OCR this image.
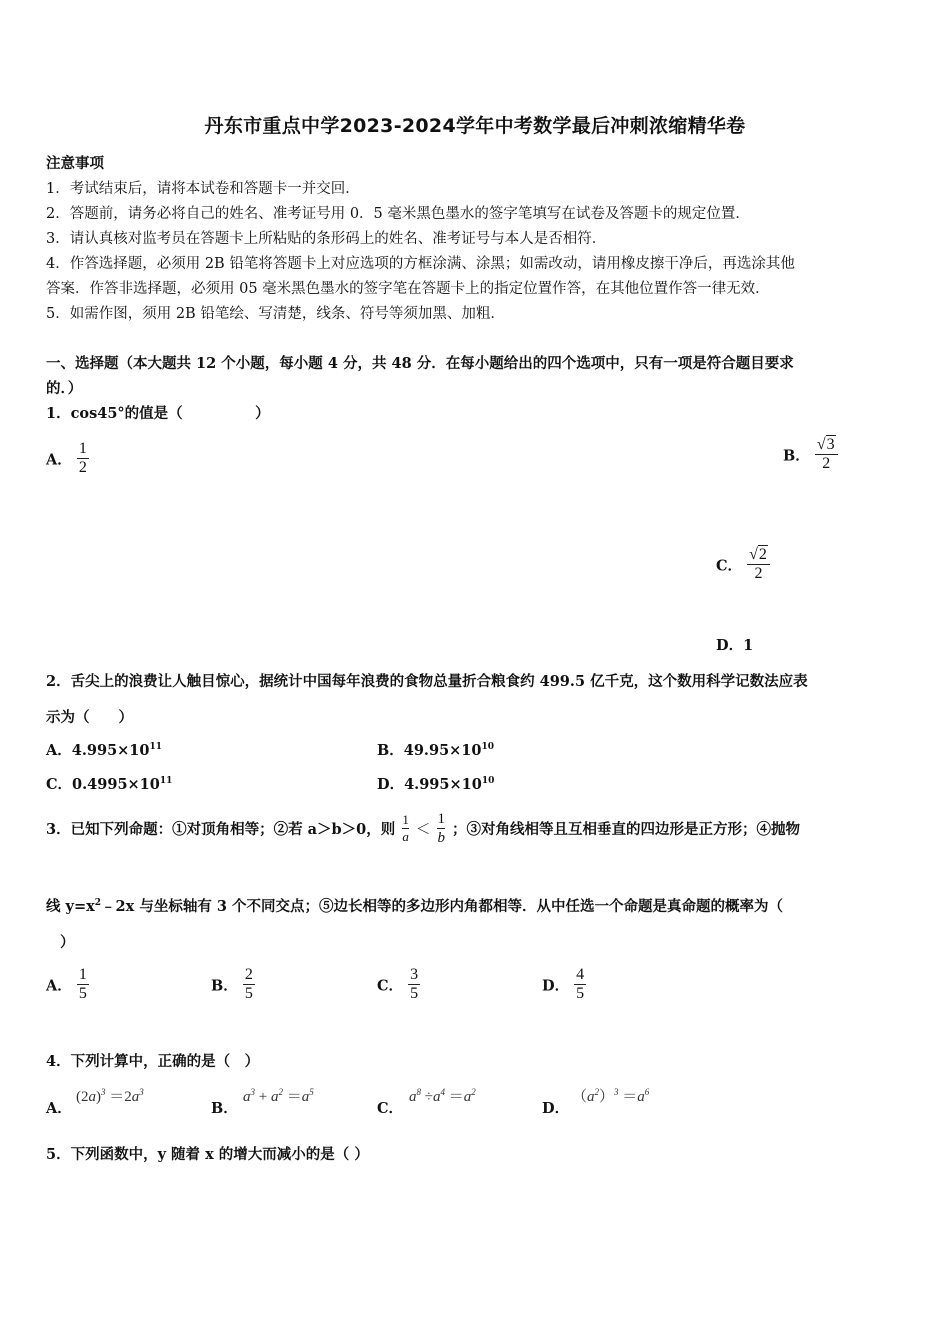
丹东市重点中学2023-2024学年中考数学最后冲刺浓缩精华卷
注意事项
1．考试结束后，请将本试卷和答题卡一并交回．
2．答题前，请务必将自己的姓名、准考证号用 0．5 毫米黑色墨水的签字笔填写在试卷及答题卡的规定位置．
3．请认真核对监考员在答题卡上所粘贴的条形码上的姓名、准考证号与本人是否相符．
4．作答选择题，必须用 2B 铅笔将答题卡上对应选项的方框涂满、涂黑；如需改动，请用橡皮擦干净后，再选涂其他
答案．作答非选择题，必须用 05 毫米黑色墨水的签字笔在答题卡上的指定位置作答，在其他位置作答一律无效．
5．如需作图，须用 2B 铅笔绘、写清楚，线条、符号等须加黑、加粗．
一、选择题（本大题共 12 个小题，每小题 4 分，共 48 分．在每小题给出的四个选项中，只有一项是符合题目要求
的．）
1．cos45°的值是（　　　　　）
A． $\frac{1}{2}$	B． $\frac{√3}{2}$
C． $\frac{√2}{2}$
D．1
2．舌尖上的浪费让人触目惊心，据统计中国每年浪费的食物总量折合粮食约 499.5 亿千克，这个数用科学记数法应表
示为（　　）
A．$4.995\times 10^{11}$	B．$49.95\times 10^{10}$
C．$0.4995\times 10^{11}$	D．$4.995\times 10^{10}$
3．已知下列命题：①对顶角相等；②若 a＞b＞0，则 $\frac{1}{a} < \frac{1}{b}$ ；③对角线相等且互相垂直的四边形是正方形；④抛物
线 $y=x^2﹣2x$ 与坐标轴有 3 个不同交点；⑤边长相等的多边形内角都相等．从中任选一个命题是真命题的概率为（
）
A． $\frac{1}{5}$	B． $\frac{2}{5}$	C． $\frac{3}{5}$	D． $\frac{4}{5}$
4．下列计算中，正确的是（　）
A．
$(2a)^3 =2a^3$
B．
$a^3 + a^2 =a^5$
C．
$a^8 \div a^4 =a^2$
D．
$(a^2)^3 =a^6$
5．下列函数中，y 随着 x 的增大而减小的是（ ）
